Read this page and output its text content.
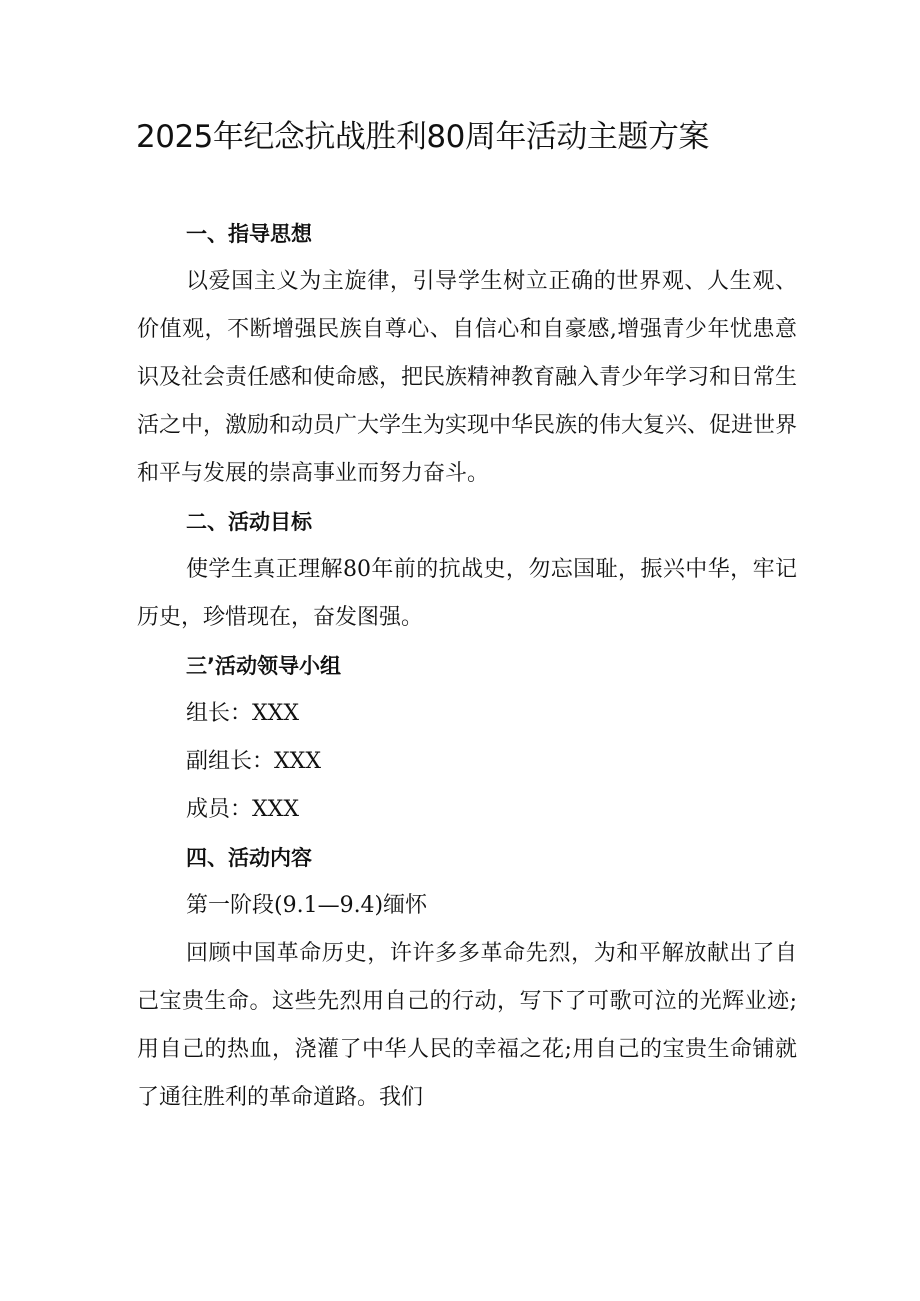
2025年纪念抗战胜利80周年活动主题方案
一、指导思想

以爱国主义为主旋律，引导学生树立正确的世界观、人生观、价值观，不断增强民族自尊心、自信心和自豪感,增强青少年忧患意识及社会责任感和使命感，把民族精神教育融入青少年学习和日常生活之中，激励和动员广大学生为实现中华民族的伟大复兴、促进世界和平与发展的崇高事业而努力奋斗。

二、活动目标

使学生真正理解80年前的抗战史，勿忘国耻，振兴中华，牢记历史，珍惜现在，奋发图强。

三’活动领导小组
组长：XXX
副组长：XXX
成员：XXX
四、活动内容
第一阶段(9.1—9.4)缅怀

回顾中国革命历史，许许多多革命先烈，为和平解放献出了自己宝贵生命。这些先烈用自己的行动，写下了可歌可泣的光辉业迹;用自己的热血，浇灌了中华人民的幸福之花;用自己的宝贵生命铺就了通往胜利的革命道路。我们
